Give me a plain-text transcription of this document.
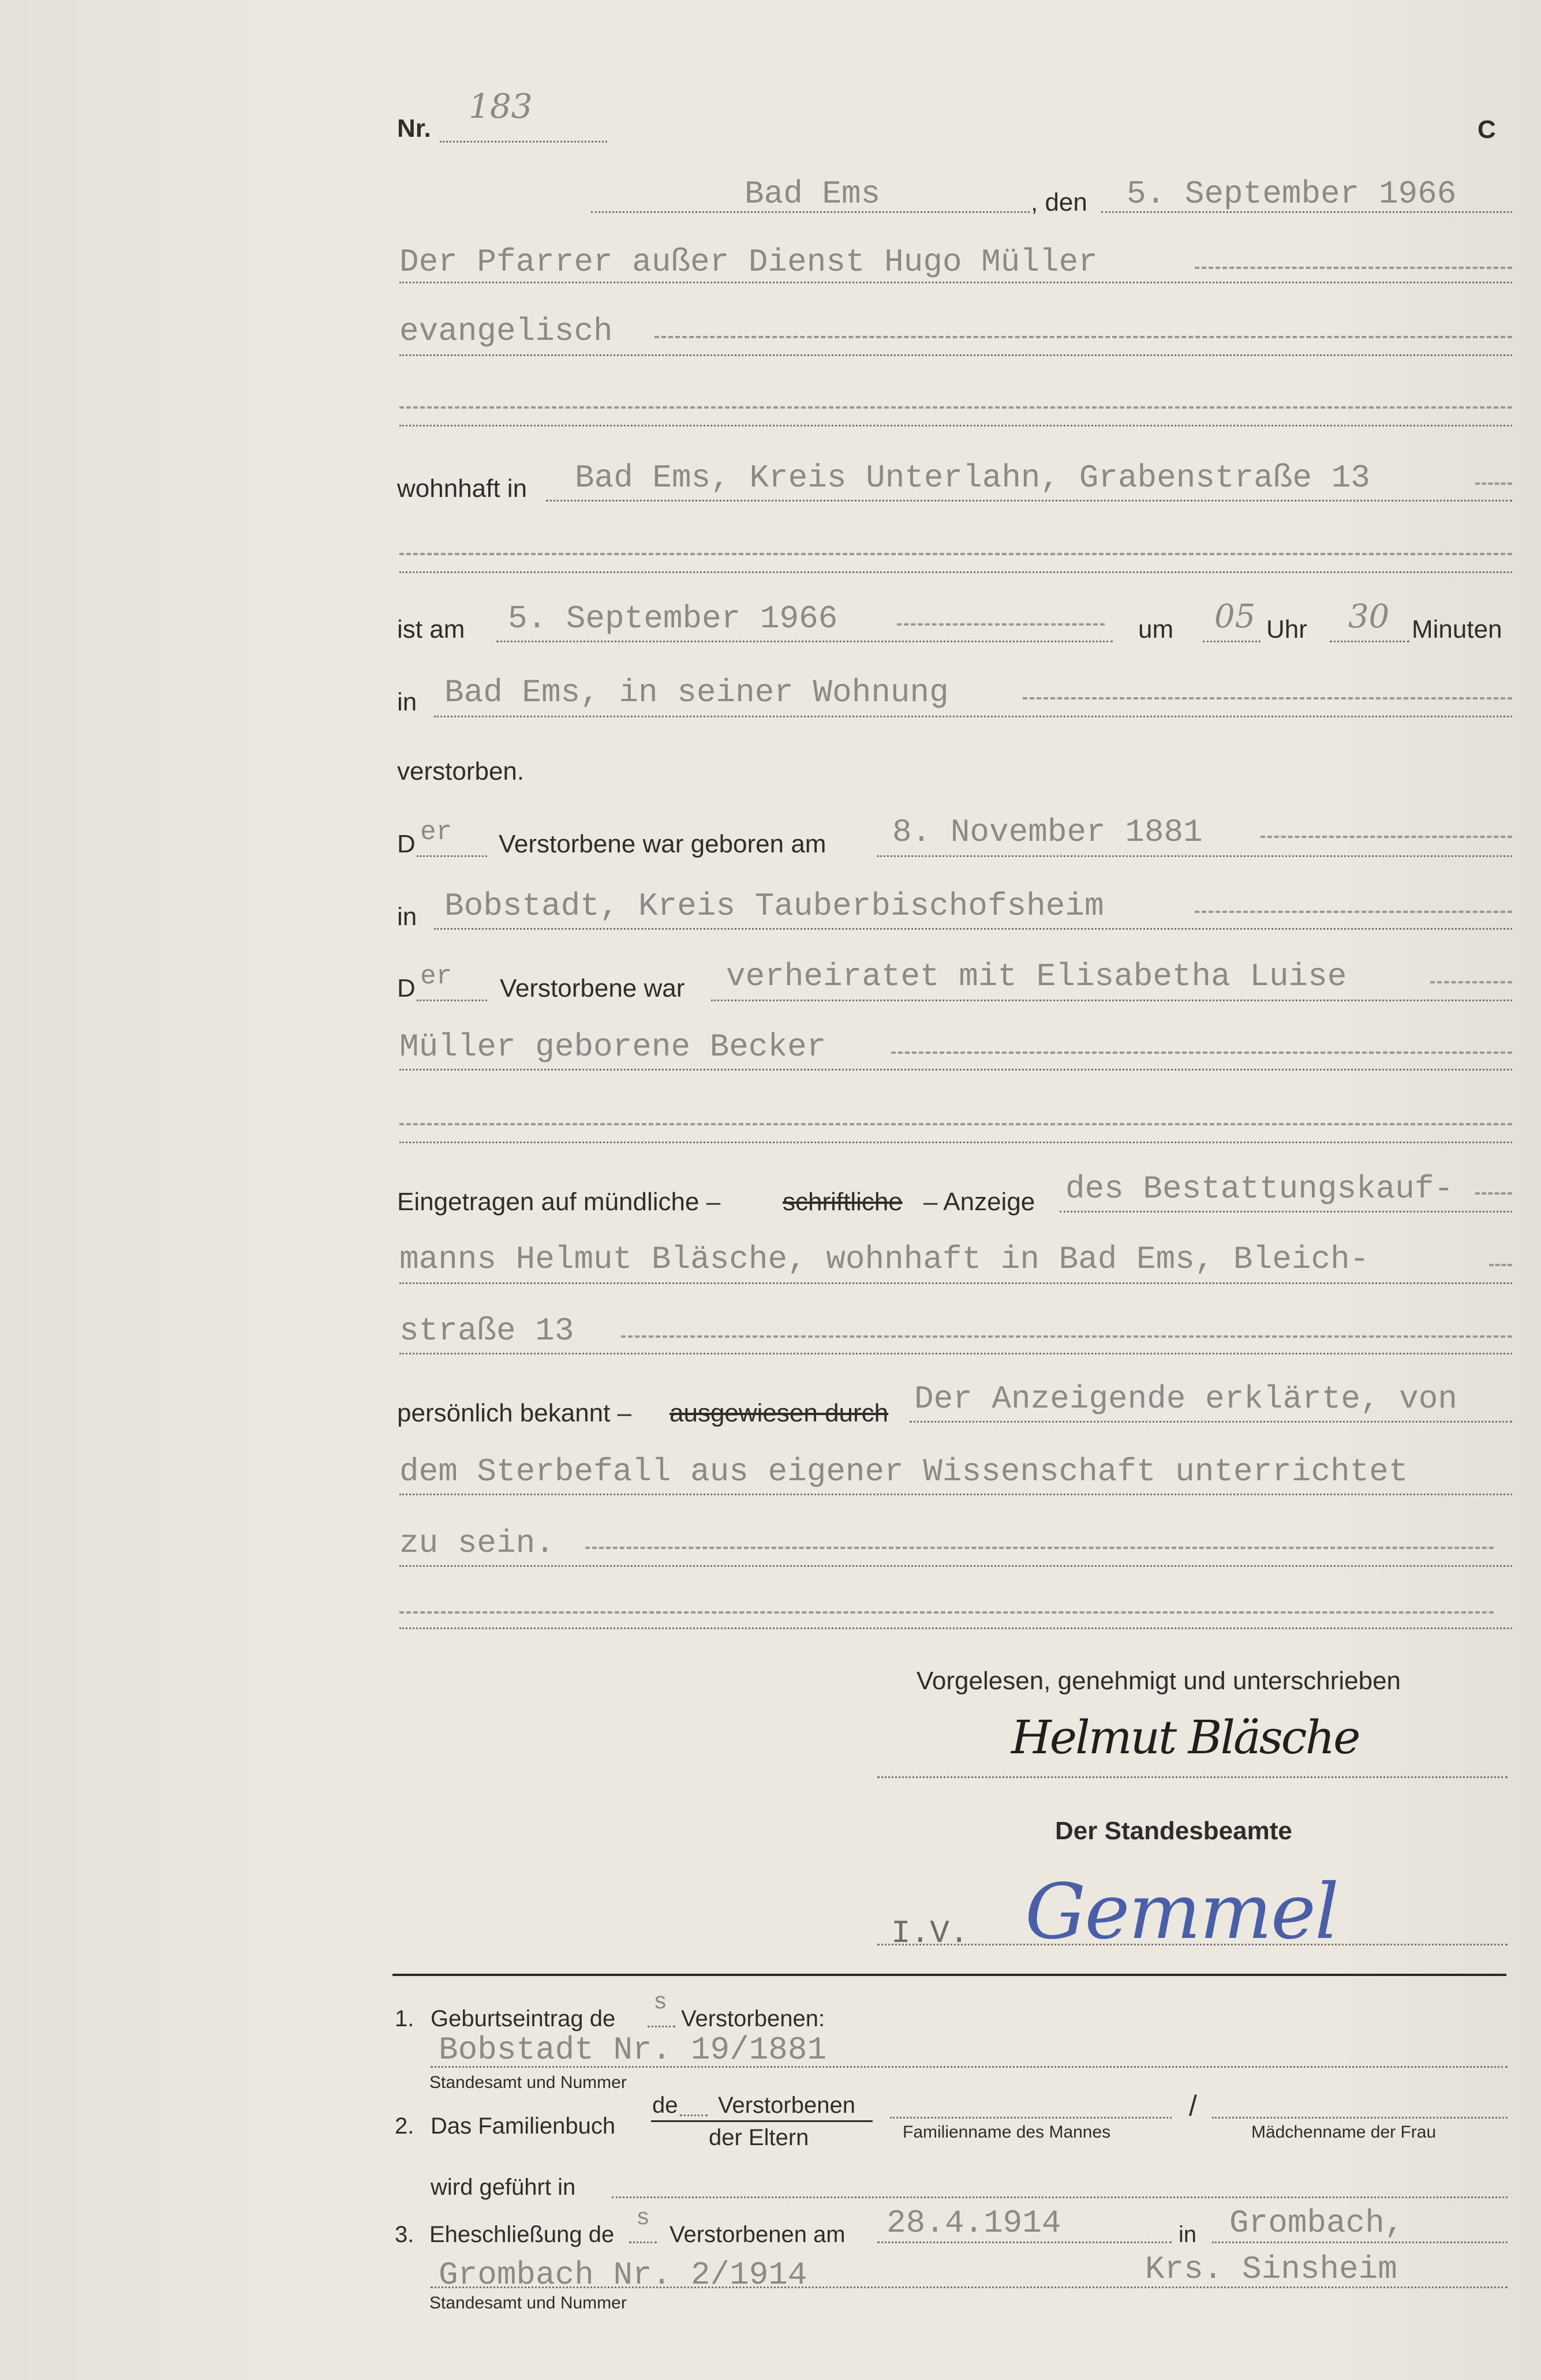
Nr.
183
C
Bad Ems	, den 5. September 1966
Der Pfarrer außer Dienst Hugo Müller
evangelisch
wohnhaft in Bad Ems, Kreis Unterlahn, Grabenstraße 13
ist am 5. September 1966	um 05 Uhr 30 Minuten
in Bad Ems, in seiner Wohnung
verstorben.
D er Verstorbene war geboren am 8. November 1881
in Bobstadt, Kreis Tauberbischofsheim
D er Verstorbene war verheiratet mit Elisabetha Luise
Müller geborene Becker
Eingetragen auf mündliche – schriftliche – Anzeige des Bestattungskauf-
manns Helmut Bläsche, wohnhaft in Bad Ems, Bleich-
straße 13
persönlich bekannt – ausgewiesen durch Der Anzeigende erklärte, von
dem Sterbefall aus eigener Wissenschaft unterrichtet
zu sein.
Vorgelesen, genehmigt und unterschrieben
Helmut Bläsche
Der Standesbeamte
I.V. Gemmel
1. Geburtseintrag de
s
Verstorbenen:
Bobstadt Nr. 19/1881
Standesamt und Nummer
2. Das Familienbuch
de Verstorbenen
der Eltern	Familienname des Mannes
/
Mädchenname der Frau
wird geführt in
3. Eheschließung de
s
Verstorbenen am 28.4.1914	in Grombach,
Grombach Nr. 2/1914	Krs. Sinsheim
Standesamt und Nummer
